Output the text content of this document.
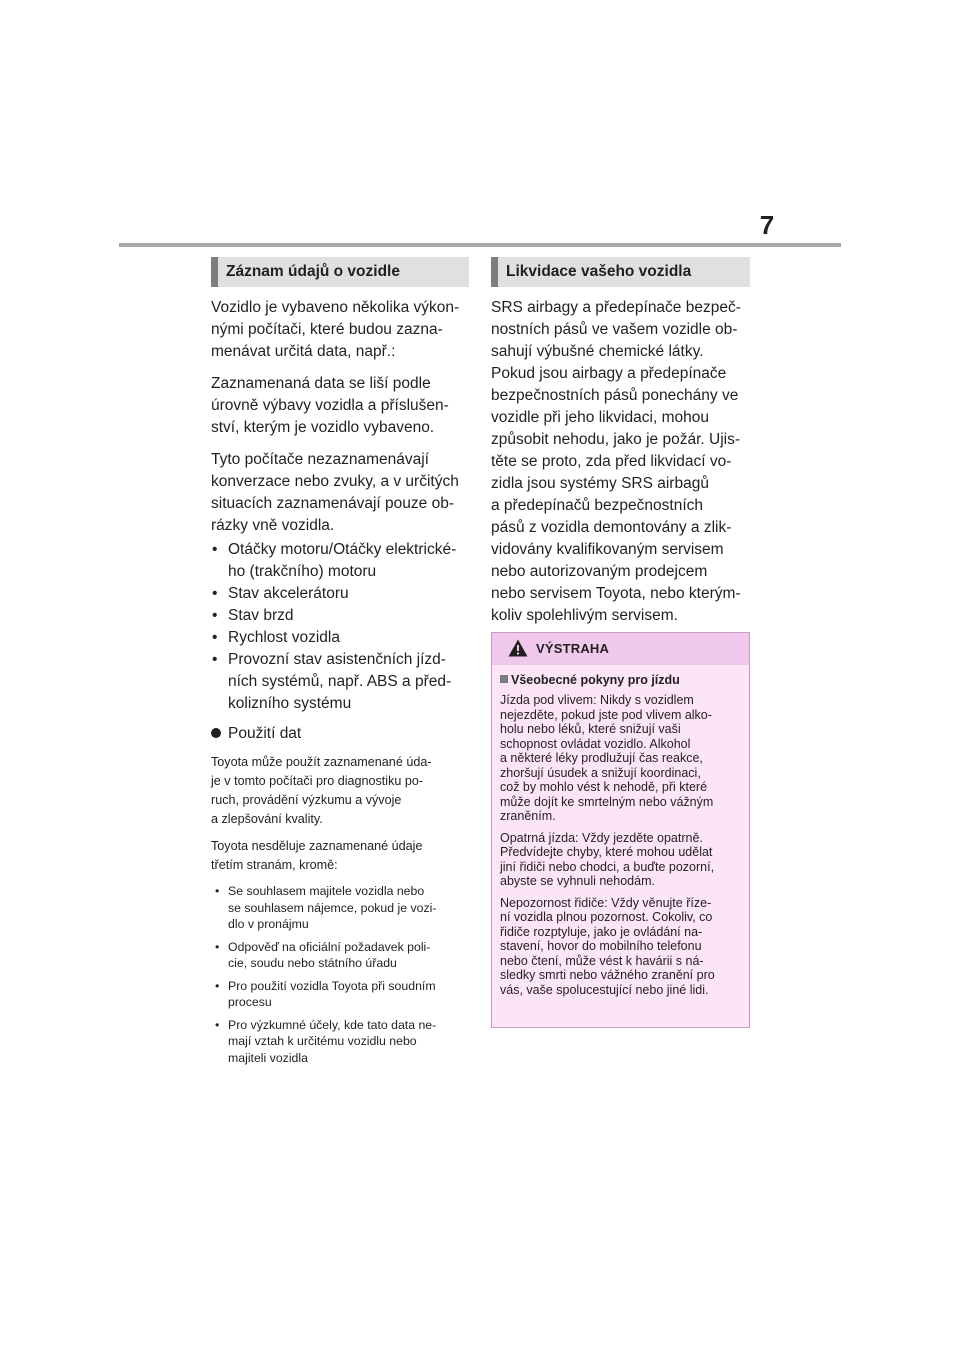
7
Záznam údajů o vozidle

Vozidlo je vybaveno několika výkon-
nými počítači, které budou zazna-
menávat určitá data, např.:

Zaznamenaná data se liší podle
úrovně výbavy vozidla a příslušen-
ství, kterým je vozidlo vybaveno.

Tyto počítače nezaznamenávají
konverzace nebo zvuky, a v určitých
situacích zaznamenávají pouze ob-
rázky vně vozidla.

• Otáčky motoru/Otáčky elektrické-
ho (trakčního) motoru
• Stav akcelerátoru
• Stav brzd
• Rychlost vozidla
• Provozní stav asistenčních jízd-
ních systémů, např. ABS a před-
kolizního systému
Použití dat

Toyota může použít zaznamenané úda-
je v tomto počítači pro diagnostiku po-
ruch, provádění výzkumu a vývoje
a zlepšování kvality.

Toyota nesděluje zaznamenané údaje
třetím stranám, kromě:

• Se souhlasem majitele vozidla nebo
se souhlasem nájemce, pokud je vozi-
dlo v pronájmu
• Odpověď na oficiální požadavek poli-
cie, soudu nebo státního úřadu
• Pro použití vozidla Toyota při soudním
procesu
• Pro výzkumné účely, kde tato data ne-
mají vztah k určitému vozidlu nebo
majiteli vozidla
Likvidace vašeho vozidla

SRS airbagy a předepínače bezpeč-
nostních pásů ve vašem vozidle ob-
sahují výbušné chemické látky.
Pokud jsou airbagy a předepínače
bezpečnostních pásů ponechány ve
vozidle při jeho likvidaci, mohou
způsobit nehodu, jako je požár. Ujis-
těte se proto, zda před likvidací vo-
zidla jsou systémy SRS airbagů
a předepínačů bezpečnostních
pásů z vozidla demontovány a zlik-
vidovány kvalifikovaným servisem
nebo autorizovaným prodejcem
nebo servisem Toyota, nebo kterým-
koliv spolehlivým servisem.

VÝSTRAHA
Všeobecné pokyny pro jízdu

Jízda pod vlivem: Nikdy s vozidlem
nejezděte, pokud jste pod vlivem alko-
holu nebo léků, které snižují vaši
schopnost ovládat vozidlo. Alkohol
a některé léky prodlužují čas reakce,
zhoršují úsudek a snižují koordinaci,
což by mohlo vést k nehodě, při které
může dojít ke smrtelným nebo vážným
zraněním.

Opatrná jízda: Vždy jezděte opatrně.
Předvídejte chyby, které mohou udělat
jiní řidiči nebo chodci, a buďte pozorní,
abyste se vyhnuli nehodám.

Nepozornost řidiče: Vždy věnujte říze-
ní vozidla plnou pozornost. Cokoliv, co
řidiče rozptyluje, jako je ovládání na-
stavení, hovor do mobilního telefonu
nebo čtení, může vést k havárii s ná-
sledky smrti nebo vážného zranění pro
vás, vaše spolucestující nebo jiné lidi.
